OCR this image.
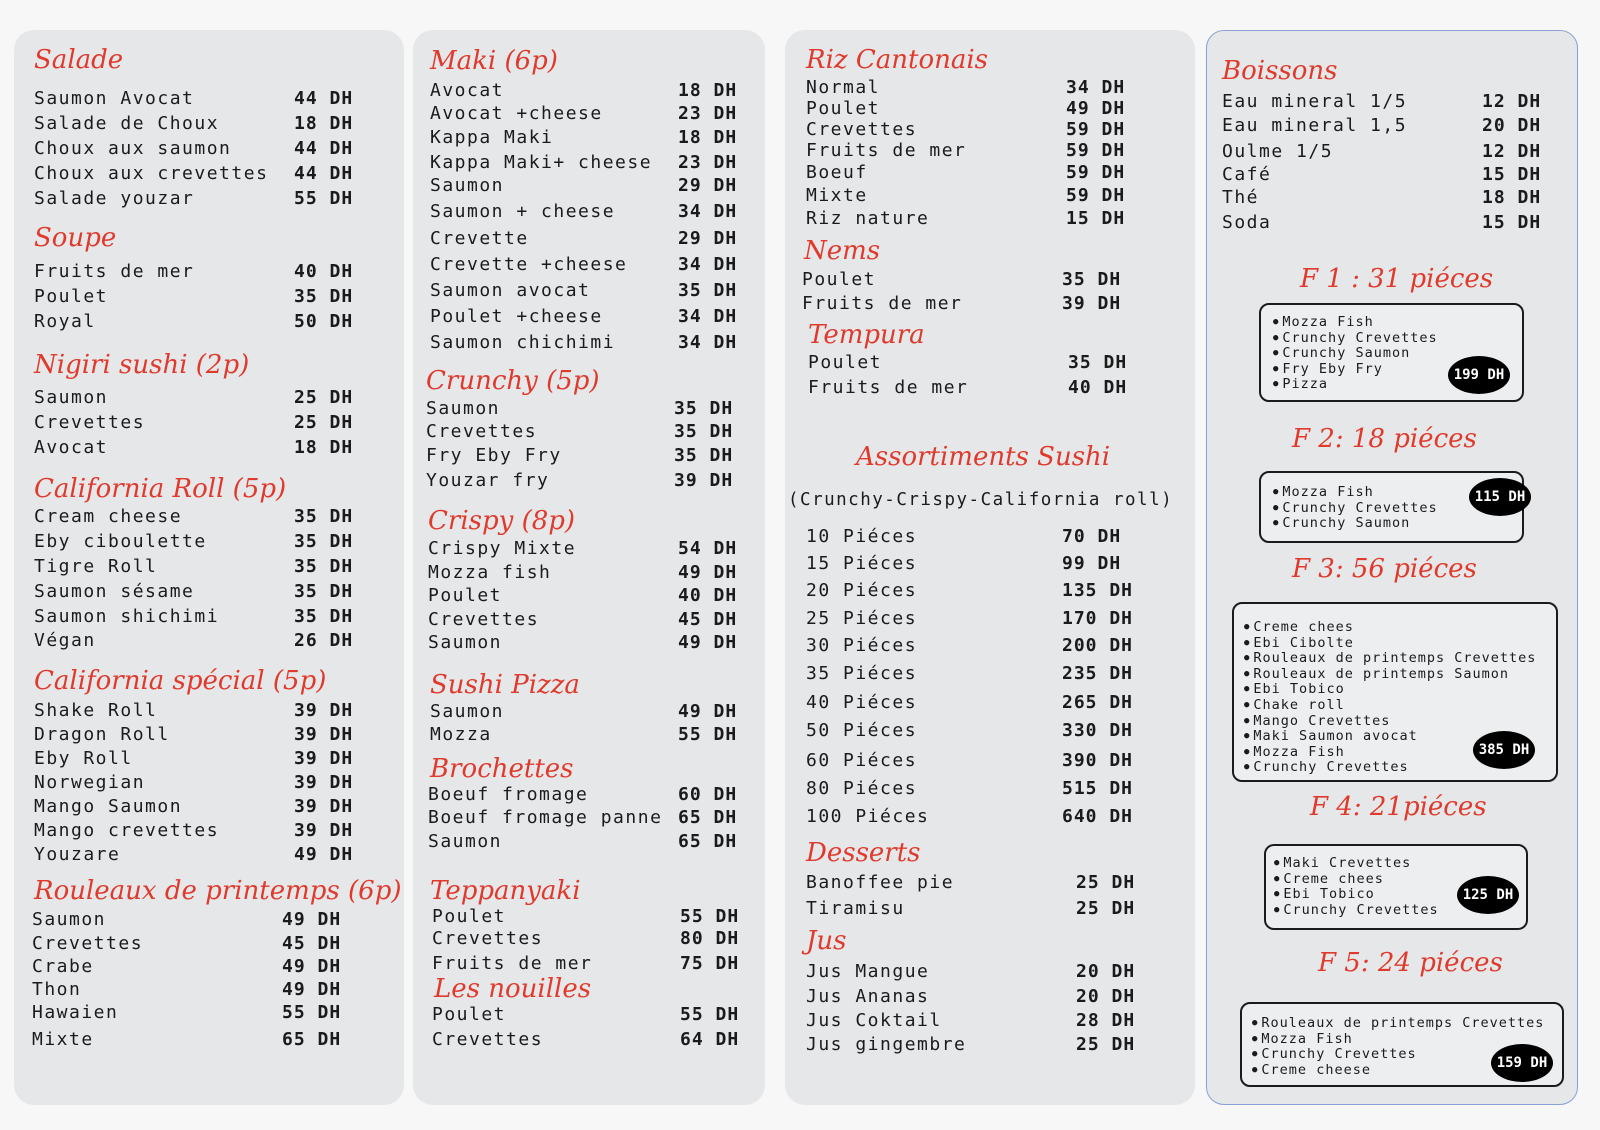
Salade
Saumon Avocat	44 DH
Salade de Choux	18 DH
Choux aux saumon	44 DH
Choux aux crevettes 44 DH
Salade youzar	55 DH
Soupe
Fruits de mer	40 DH
Poulet	35 DH
Royal	50 DH
Nigiri sushi (2p)
Saumon	25 DH
Crevettes	25 DH
Avocat	18 DH
California Roll (5p)
Cream cheese	35 DH
Eby ciboulette	35 DH
Tigre Roll	35 DH
Saumon sésame	35 DH
Saumon shichimi	35 DH
Végan	26 DH
California spécial (5p)
Shake Roll	39 DH
Dragon Roll	39 DH
Eby Roll	39 DH
Norwegian	39 DH
Mango Saumon	39 DH
Mango crevettes	39 DH
Youzare	49 DH
Rouleaux de printemps (6p)
Saumon	49 DH
Crevettes	45 DH
Crabe	49 DH
Thon	49 DH
Hawaien	55 DH
Mixte	65 DH
Maki (6p)
Avocat	18 DH
Avocat +cheese	23 DH
Kappa Maki	18 DH
Kappa Maki+ cheese 23 DH
Saumon	29 DH
Saumon + cheese	34 DH
Crevette	29 DH
Crevette +cheese	34 DH
Saumon avocat	35 DH
Poulet +cheese	34 DH
Saumon chichimi	34 DH
Crunchy (5p)
Saumon	35 DH
Crevettes	35 DH
Fry Eby Fry	35 DH
Youzar fry	39 DH
Crispy (8p)
Crispy Mixte	54 DH
Mozza fish	49 DH
Poulet	40 DH
Crevettes	45 DH
Saumon	49 DH
Sushi Pizza
Saumon	49 DH
Mozza	55 DH
Brochettes
Boeuf fromage	60 DH
Boeuf fromage panne 65 DH
Saumon	65 DH
Teppanyaki
Poulet	55 DH
Crevettes	80 DH
Fruits de mer	75 DH
Les nouilles
Poulet	55 DH
Crevettes	64 DH
Riz Cantonais
Normal	34 DH
Poulet	49 DH
Crevettes	59 DH
Fruits de mer	59 DH
Boeuf	59 DH
Mixte	59 DH
Riz nature	15 DH
Nems
Poulet	35 DH
Fruits de mer	39 DH
Tempura
Poulet	35 DH
Fruits de mer	40 DH
Assortiments Sushi
10 Piéces	70 DH
15 Piéces	99 DH
20 Piéces	135 DH
25 Piéces	170 DH
30 Piéces	200 DH
35 Piéces	235 DH
40 Piéces	265 DH
50 Piéces	330 DH
60 Piéces	390 DH
80 Piéces	515 DH
100 Piéces	640 DH
Desserts
Banoffee pie	25 DH
Tiramisu	25 DH
Jus
Jus Mangue	20 DH
Jus Ananas	20 DH
Jus Coktail	28 DH
Jus gingembre	25 DH
Boissons
Eau mineral 1/5	12 DH
Eau mineral 1,5	20 DH
Oulme 1/5	12 DH
Café	15 DH
Thé	18 DH
Soda	15 DH
(Crunchy-Crispy-California roll)
F 1 : 31 piéces
● Mozza Fish
● Crunchy Crevettes
● Crunchy Saumon
● Fry Eby Fry
● Pizza
199 DH
F 2: 18 piéces
● Mozza Fish
● Crunchy Crevettes
● Crunchy Saumon
115 DH
F 3: 56 piéces
● Creme chees
● Ebi Cibolte
● Rouleaux de printemps Crevettes
● Rouleaux de printemps Saumon
● Ebi Tobico
● Chake roll
● Mango Crevettes
● Maki Saumon avocat
● Mozza Fish
● Crunchy Crevettes
385 DH
F 4: 21piéces
● Maki Crevettes
● Creme chees
● Ebi Tobico
● Crunchy Crevettes
125 DH
F 5: 24 piéces
● Rouleaux de printemps Crevettes
● Mozza Fish
● Crunchy Crevettes
● Creme cheese	159 DH
